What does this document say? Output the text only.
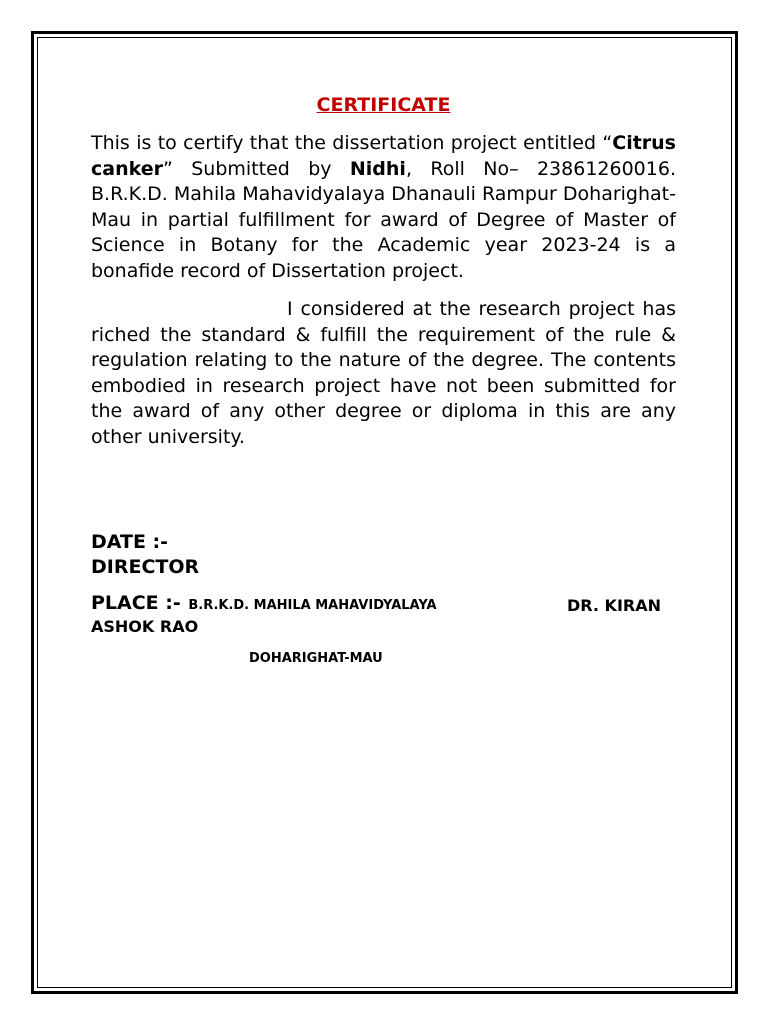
CERTIFICATE

This is to certify that the dissertation project entitled “Citrus canker” Submitted by Nidhi, Roll No– 23861260016. B.R.K.D. Mahila Mahavidyalaya Dhanauli Rampur Doharighat-Mau in partial fulfillment for award of Degree of Master of Science in Botany for the Academic year 2023-24 is a bonafide record of Dissertation project.

I considered at the research project has riched the standard & fulfill the requirement of the rule & regulation relating to the nature of the degree. The contents embodied in research project have not been submitted for the award of any other degree or diploma in this are any other university.

DATE :-
DIRECTOR
PLACE :- B.R.K.D. MAHILA MAHAVIDYALAYA	DR. KIRAN
ASHOK RAO
DOHARIGHAT-MAU
